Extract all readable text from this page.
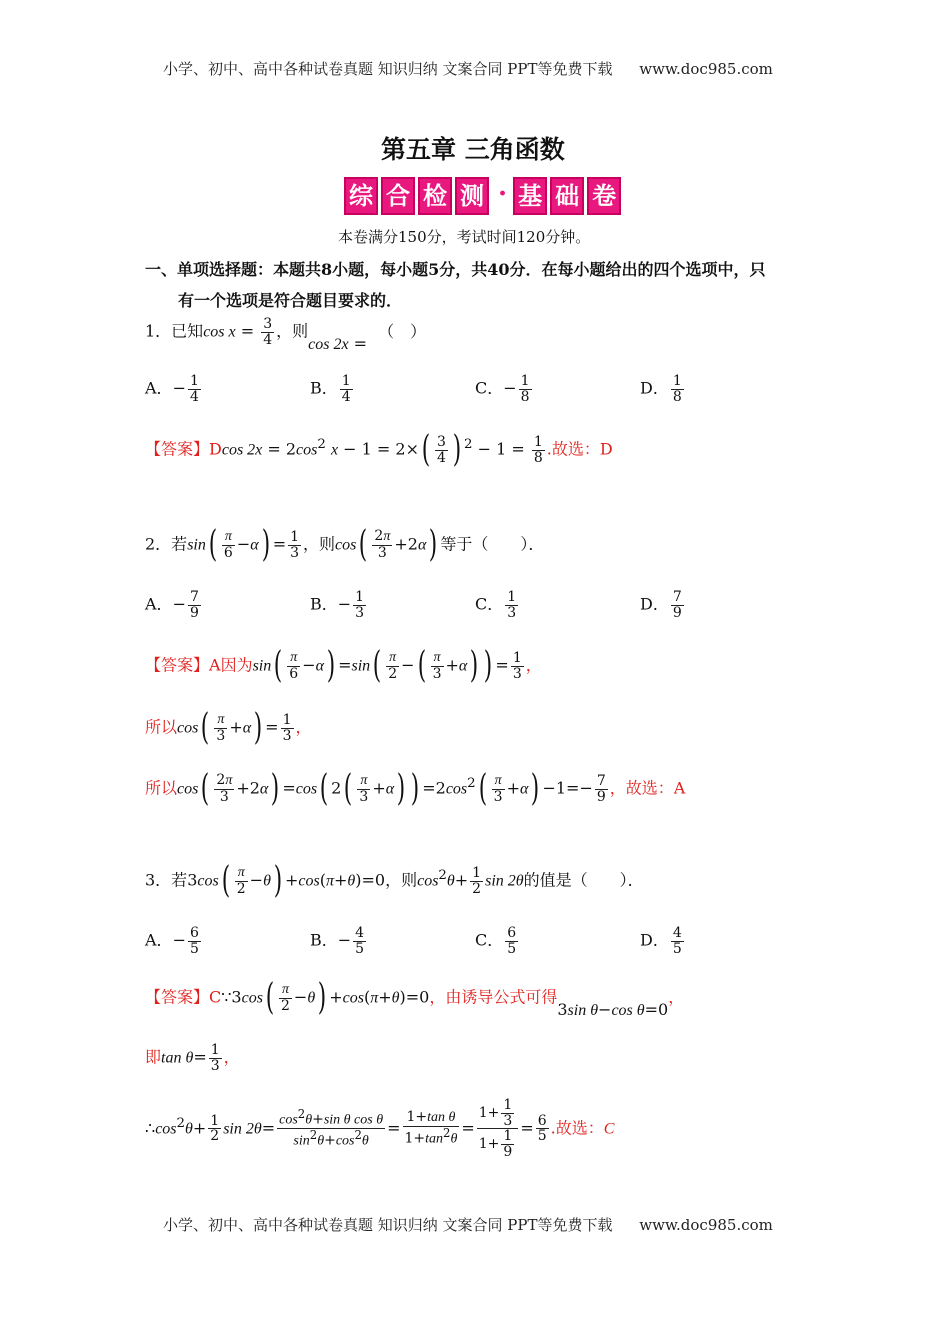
小学、初中、高中各种试卷真题 知识归纳 文案合同 PPT等免费下载 www.doc985.com
第五章 三角函数
综 合 检 测 · 基 础 卷
本卷满分150分，考试时间120分钟。
一、单项选择题：本题共8小题，每小题5分，共40分．在每小题给出的四个选项中，只
有一个选项是符合题目要求的．
1．已知$\cos x = \frac{3}{4}$ ，则cos 2x = （　）
A．− $\frac{1}{4}$	B． $\frac{1}{4}$	C．− $\frac{1}{8}$	D． $\frac{1}{8}$
【答案】Dcos $2x = 2\cos^2$ $x - 1 = 2\times( \frac{3}{4}$ ) $^2 - 1 = \frac{1}{8}$ .故选：D
2．若$\sin( \frac{\pi}{6} -\alpha) = \frac{1}{3}$ ，则$\cos( \frac{2\pi}{3} +2\alpha)$ 等于（　　）．
A．− $\frac{7}{9}$	B．− $\frac{1}{3}$	C． $\frac{1}{3}$	D． $\frac{7}{9}$
【答案】A因为$\sin( \frac{\pi}{6} -\alpha) =\sin( \frac{\pi}{2}$ −( $\frac{\pi}{3} +\alpha$) ) = $\frac{1}{3}$ ，
所以$\cos( \frac{\pi}{3} +\alpha) = \frac{1}{3}$ ，
所以$\cos( \frac{2\pi}{3} +2\alpha) =\cos$( $2( \frac{\pi}{3} +\alpha)$ ) $=2\cos^2( \frac{\pi}{3} +\alpha) -1=- \frac{7}{9}$ ，故选：A
3．若$3\cos( \frac{\pi}{2} -\theta) +\cos(\pi+\theta)=0$，则$\cos^2\theta+ \frac{1}{2}$ sin 2θ的值是（　　）．
A．− $\frac{6}{5}$	B．− $\frac{4}{5}$	C． $\frac{6}{5}$	D． $\frac{4}{5}$
【答案】C∵3cos( $\frac{\pi}{2} -\theta) +\cos(\pi+\theta)=0$，由诱导公式可得3sin θ−cos θ=0，
即$\tan \theta= \frac{1}{3}$ ，
$\therefore\cos^2\theta+ \frac{1}{2}$ $\sin 2\theta= \frac{\cos^2\theta+\sin \theta \cos \theta}{\sin^2\theta+\cos^2\theta} = \frac{\text{1+tan θ}}{1+\tan^2\theta} = \frac{1+ \frac{1}{3}}{1+ \frac{1}{9}} = \frac{6}{5}$ .故选：C
小学、初中、高中各种试卷真题 知识归纳 文案合同 PPT等免费下载 www.doc985.com
